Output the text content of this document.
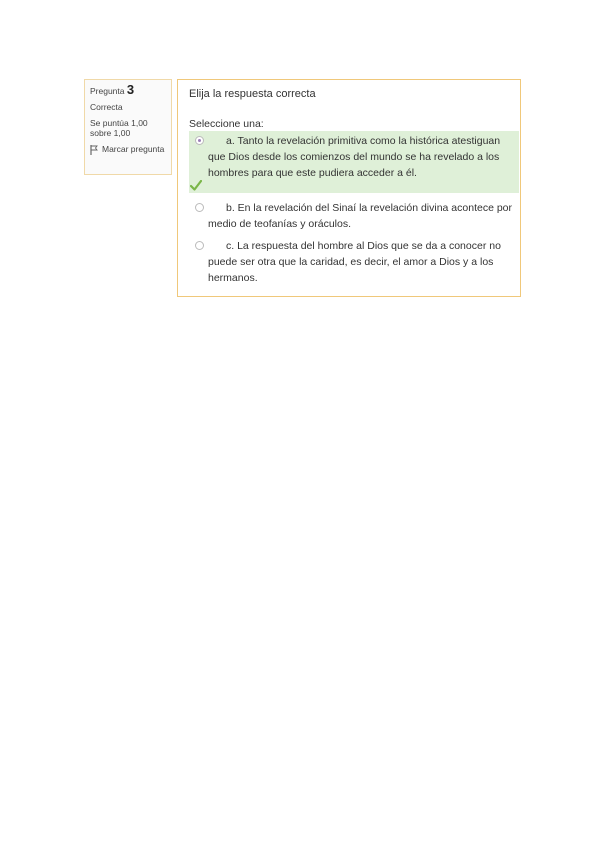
Pregunta 3
Correcta
Se puntúa 1,00 sobre 1,00
Marcar pregunta
Elija la respuesta correcta
Seleccione una:
a. Tanto la revelación primitiva como la histórica atestiguan que Dios desde los comienzos del mundo se ha revelado a los hombres para que este pudiera acceder a él.
b. En la revelación del Sinaí la revelación divina acontece por medio de teofanías y oráculos.
c. La respuesta del hombre al Dios que se da a conocer no puede ser otra que la caridad, es decir, el amor a Dios y a los hermanos.
